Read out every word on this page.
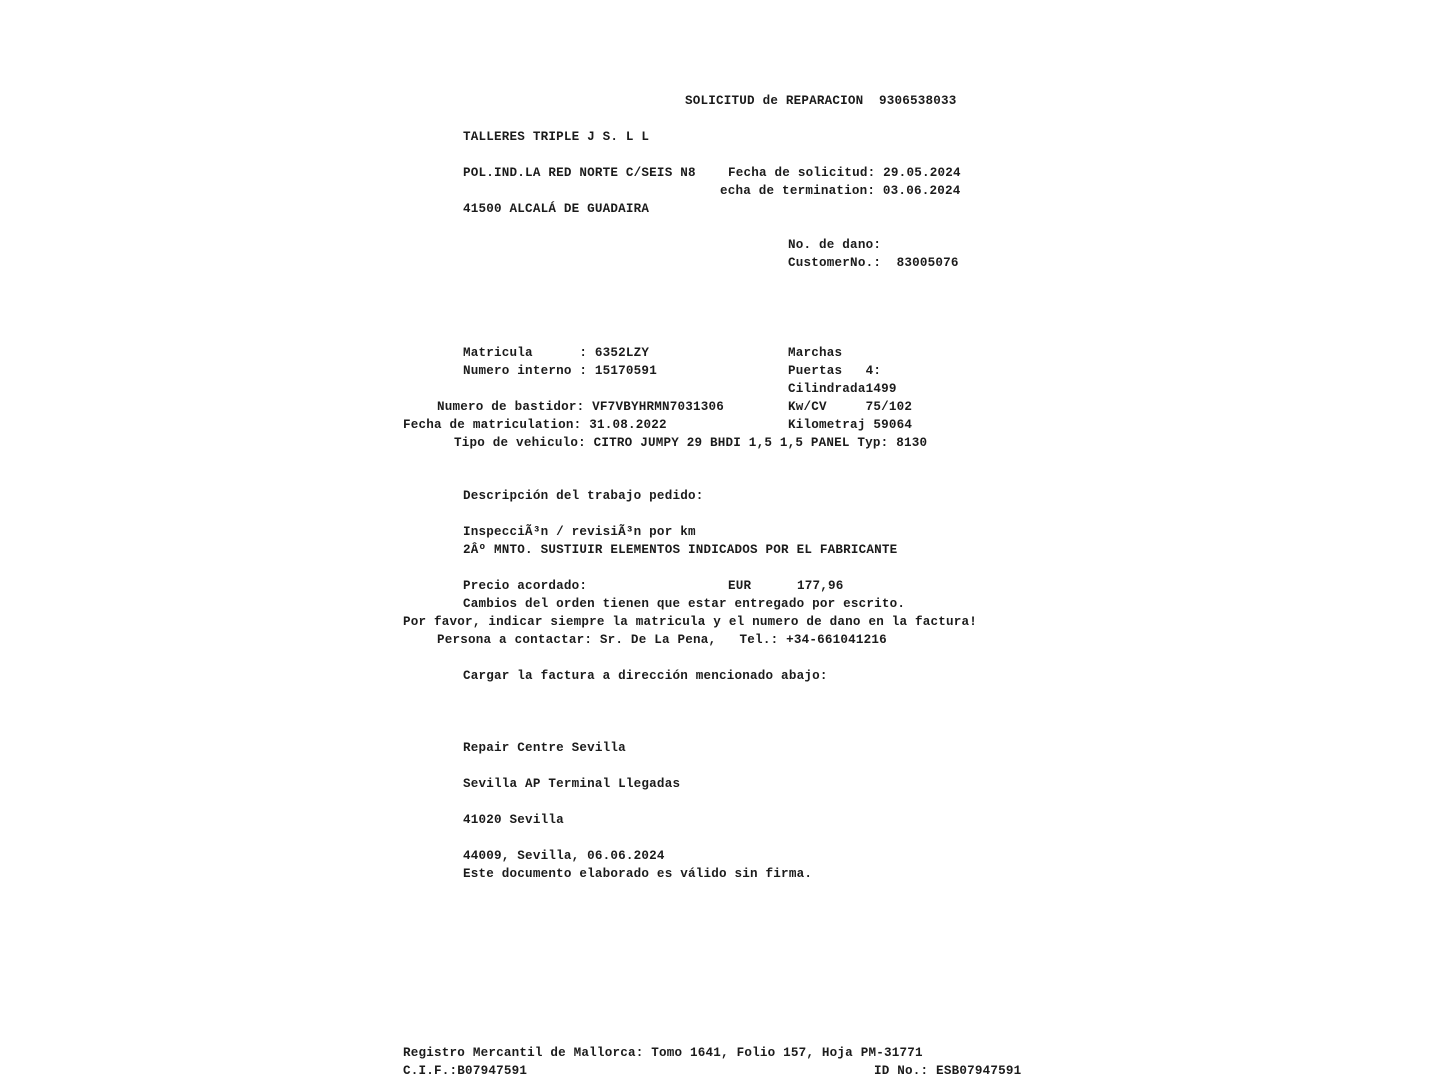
SOLICITUD de REPARACION 9306538033
TALLERES TRIPLE J S. L L
POL.IND.LA RED NORTE C/SEIS N8
41500 ALCALÁ DE GUADAIRA
Fecha de solicitud: 29.05.2024
echa de termination: 03.06.2024
No. de dano:
CustomerNo.: 83005076
Matricula      : 6352LZY
Numero interno : 15170591
Numero de bastidor: VF7VBYHRMN7031306
Fecha de matriculation: 31.08.2022
Tipo de vehiculo: CITRO JUMPY 29 BHDI 1,5 1,5 PANEL Typ: 8130
Marchas
Puertas 4:
Cilindrada1499
Kw/CV	75/102
Kilometraj 59064
Descripción del trabajo pedido:
InspecciÃ³n / revisiÃ³n por km
2Âº MNTO. SUSTIUIR ELEMENTOS INDICADOS POR EL FABRICANTE
Precio acordado:	EUR	177,96
Cambios del orden tienen que estar entregado por escrito.
Por favor, indicar siempre la matricula y el numero de dano en la factura!
Persona a contactar: Sr. De La Pena,   Tel.: +34-661041216
Cargar la factura a dirección mencionado abajo:
Repair Centre Sevilla
Sevilla AP Terminal Llegadas
41020 Sevilla
44009, Sevilla, 06.06.2024
Este documento elaborado es válido sin firma.
Registro Mercantil de Mallorca: Tomo 1641, Folio 157, Hoja PM-31771
C.I.F.:B07947591	ID No.: ESB07947591
